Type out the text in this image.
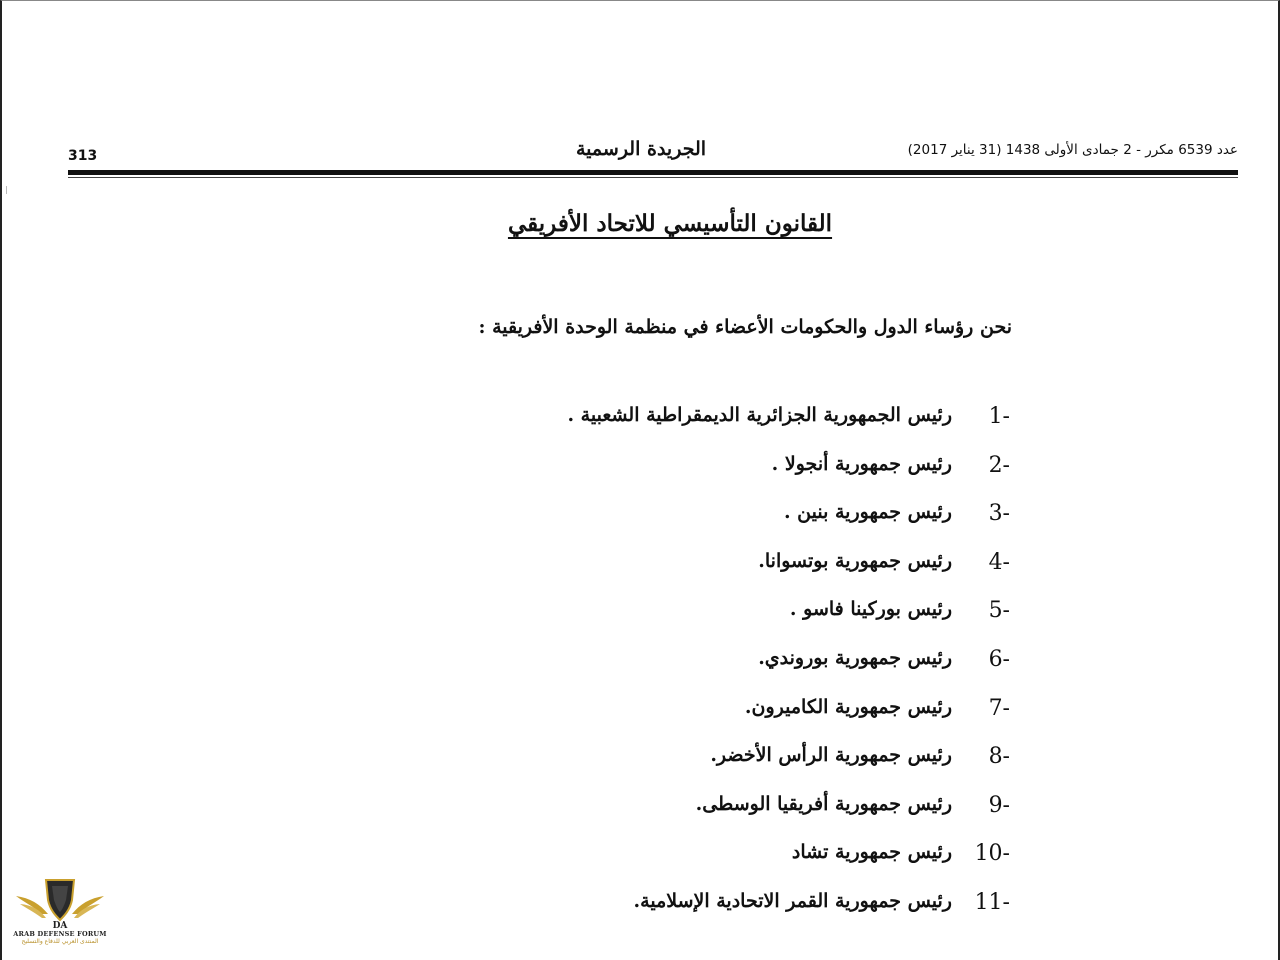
313	الجريدة الرسمية	عدد 6539 مكرر - 2 جمادى الأولى 1438 (31 يناير 2017)
القانون التأسيسي للاتحاد الأفريقي
نحن رؤساء الدول والحكومات الأعضاء في منظمة الوحدة الأفريقية :
1-
رئيس الجمهورية الجزائرية الديمقراطية الشعبية .
2-
رئيس جمهورية أنجولا .
3-
رئيس جمهورية بنين .
4-
رئيس جمهورية بوتسوانا.
5-
رئيس بوركينا فاسو .
6-
رئيس جمهورية بوروندي.
7-
رئيس جمهورية الكاميرون.
8-
رئيس جمهورية الرأس الأخضر.
9-
رئيس جمهورية أفريقيا الوسطى.
10-
رئيس جمهورية تشاد
11-
رئيس جمهورية القمر الاتحادية الإسلامية.
DA
ARAB DEFENSE FORUM
المنتدى العربي للدفاع والتسليح
